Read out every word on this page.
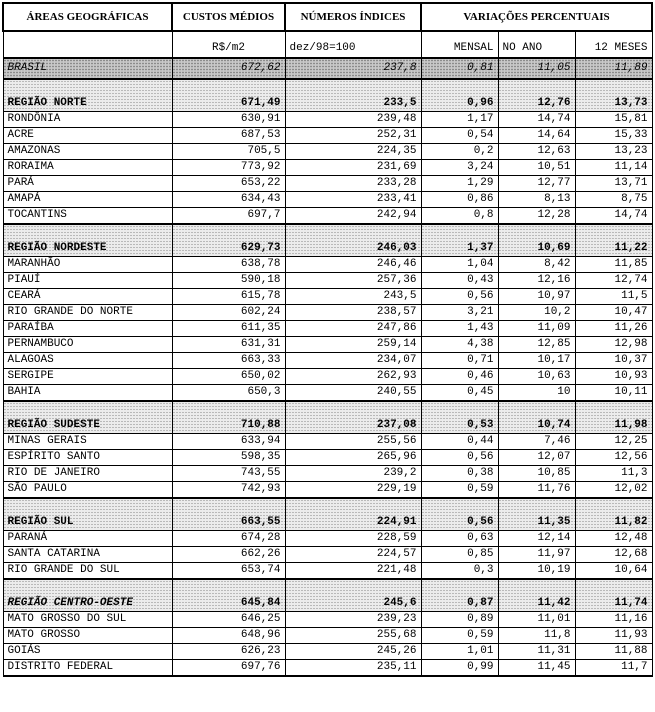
ÁREAS GEOGRÁFICAS	CUSTOS MÉDIOS	NÚMEROS ÍNDICES	VARIAÇÕES PERCENTUAIS		
	R$/m2	dez/98=100	MENSAL	NO ANO	12 MESES
BRASIL	672,62	237,8	0,81	11,05	11,89
REGIÃO NORTE	671,49	233,5	0,96	12,76	13,73
RONDÔNIA	630,91	239,48	1,17	14,74	15,81
ACRE	687,53	252,31	0,54	14,64	15,33
AMAZONAS	705,5	224,35	0,2	12,63	13,23
RORAIMA	773,92	231,69	3,24	10,51	11,14
PARÁ	653,22	233,28	1,29	12,77	13,71
AMAPÁ	634,43	233,41	0,86	8,13	8,75
TOCANTINS	697,7	242,94	0,8	12,28	14,74
REGIÃO NORDESTE	629,73	246,03	1,37	10,69	11,22
MARANHÃO	638,78	246,46	1,04	8,42	11,85
PIAUÍ	590,18	257,36	0,43	12,16	12,74
CEARÁ	615,78	243,5	0,56	10,97	11,5
RIO GRANDE DO NORTE	602,24	238,57	3,21	10,2	10,47
PARAÍBA	611,35	247,86	1,43	11,09	11,26
PERNAMBUCO	631,31	259,14	4,38	12,85	12,98
ALAGOAS	663,33	234,07	0,71	10,17	10,37
SERGIPE	650,02	262,93	0,46	10,63	10,93
BAHIA	650,3	240,55	0,45	10	10,11
REGIÃO SUDESTE	710,88	237,08	0,53	10,74	11,98
MINAS GERAIS	633,94	255,56	0,44	7,46	12,25
ESPÍRITO SANTO	598,35	265,96	0,56	12,07	12,56
RIO DE JANEIRO	743,55	239,2	0,38	10,85	11,3
SÃO PAULO	742,93	229,19	0,59	11,76	12,02
REGIÃO SUL	663,55	224,91	0,56	11,35	11,82
PARANÁ	674,28	228,59	0,63	12,14	12,48
SANTA CATARINA	662,26	224,57	0,85	11,97	12,68
RIO GRANDE DO SUL	653,74	221,48	0,3	10,19	10,64
REGIÃO CENTRO-OESTE	645,84	245,6	0,87	11,42	11,74
MATO GROSSO DO SUL	646,25	239,23	0,89	11,01	11,16
MATO GROSSO	648,96	255,68	0,59	11,8	11,93
GOIÁS	626,23	245,26	1,01	11,31	11,88
DISTRITO FEDERAL	697,76	235,11	0,99	11,45	11,7
